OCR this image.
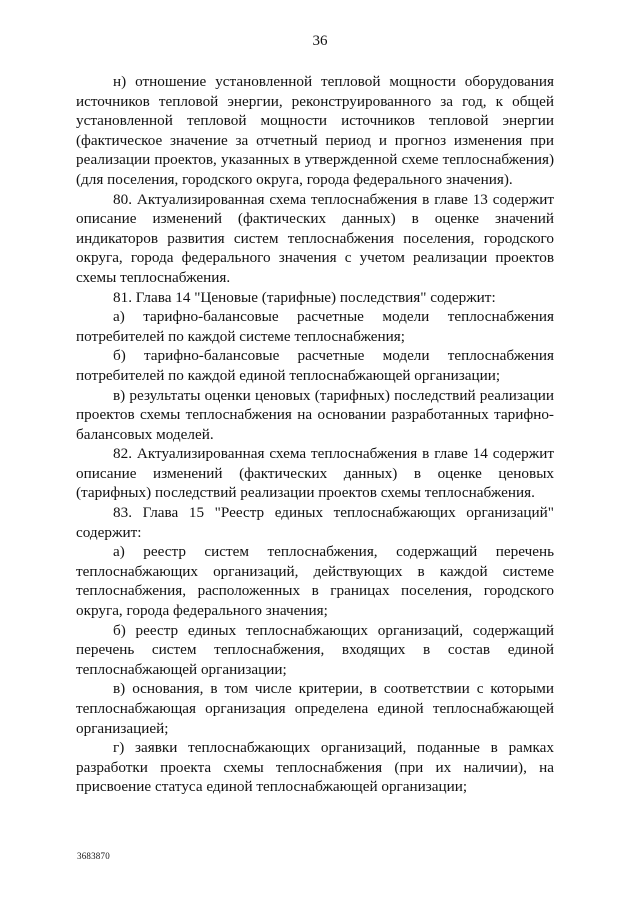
36

н) отношение установленной тепловой мощности оборудования источников тепловой энергии, реконструированного за год, к общей установленной тепловой мощности источников тепловой энергии (фактическое значение за отчетный период и прогноз изменения при реализации проектов, указанных в утвержденной схеме теплоснабжения) (для поселения, городского округа, города федерального значения).

80. Актуализированная схема теплоснабжения в главе 13 содержит описание изменений (фактических данных) в оценке значений индикаторов развития систем теплоснабжения поселения, городского округа, города федерального значения с учетом реализации проектов схемы теплоснабжения.

81. Глава 14 "Ценовые (тарифные) последствия" содержит:

а) тарифно-балансовые расчетные модели теплоснабжения потребителей по каждой системе теплоснабжения;

б) тарифно-балансовые расчетные модели теплоснабжения потребителей по каждой единой теплоснабжающей организации;

в) результаты оценки ценовых (тарифных) последствий реализации проектов схемы теплоснабжения на основании разработанных тарифно-балансовых моделей.

82. Актуализированная схема теплоснабжения в главе 14 содержит описание изменений (фактических данных) в оценке ценовых (тарифных) последствий реализации проектов схемы теплоснабжения.

83. Глава 15 "Реестр единых теплоснабжающих организаций" содержит:

а) реестр систем теплоснабжения, содержащий перечень теплоснабжающих организаций, действующих в каждой системе теплоснабжения, расположенных в границах поселения, городского округа, города федерального значения;

б) реестр единых теплоснабжающих организаций, содержащий перечень систем теплоснабжения, входящих в состав единой теплоснабжающей организации;

в) основания, в том числе критерии, в соответствии с которыми теплоснабжающая организация определена единой теплоснабжающей организацией;

г) заявки теплоснабжающих организаций, поданные в рамках разработки проекта схемы теплоснабжения (при их наличии), на присвоение статуса единой теплоснабжающей организации;

3683870
